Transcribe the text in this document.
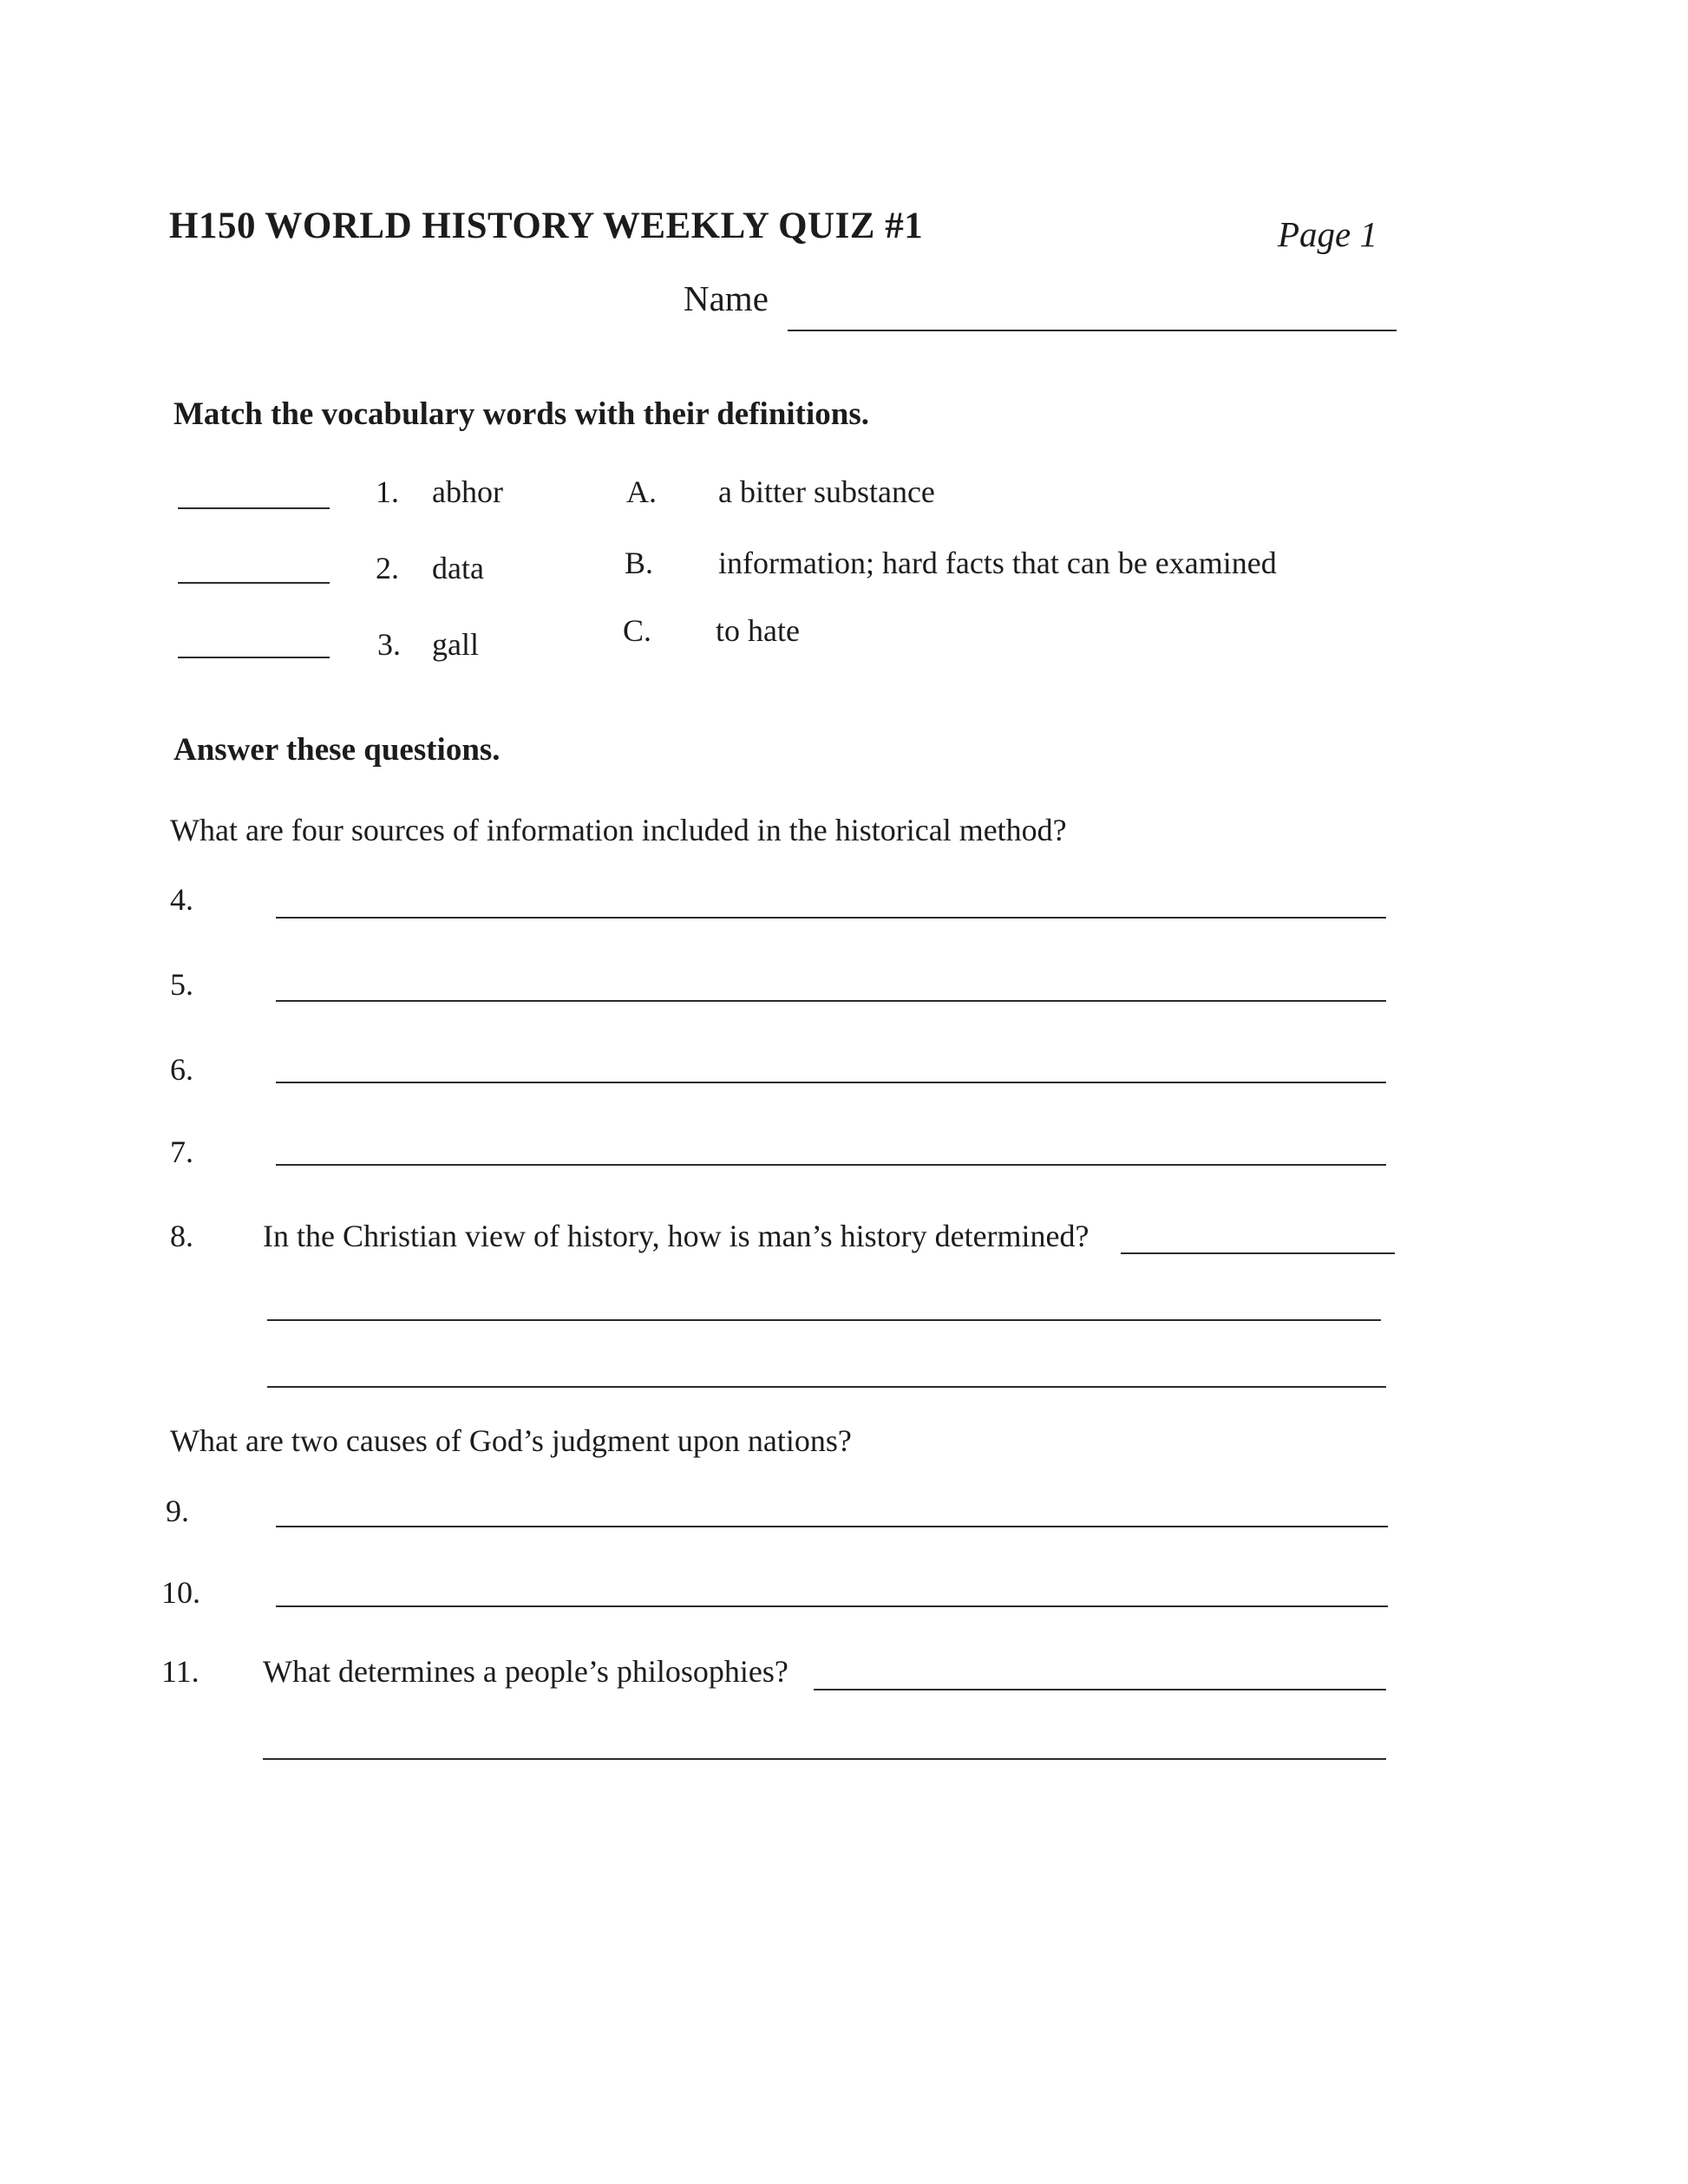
H150 WORLD HISTORY WEEKLY QUIZ #1	Page 1
Name
Match the vocabulary words with their definitions.
1. abhor	A. a bitter substance
2. data	B. information; hard facts that can be examined
3. gall	C. to hate
Answer these questions.
What are four sources of information included in the historical method?
4.
5.
6.
7.
8. In the Christian view of history, how is man’s history determined?
What are two causes of God’s judgment upon nations?
9.
10.
11. What determines a people’s philosophies?
